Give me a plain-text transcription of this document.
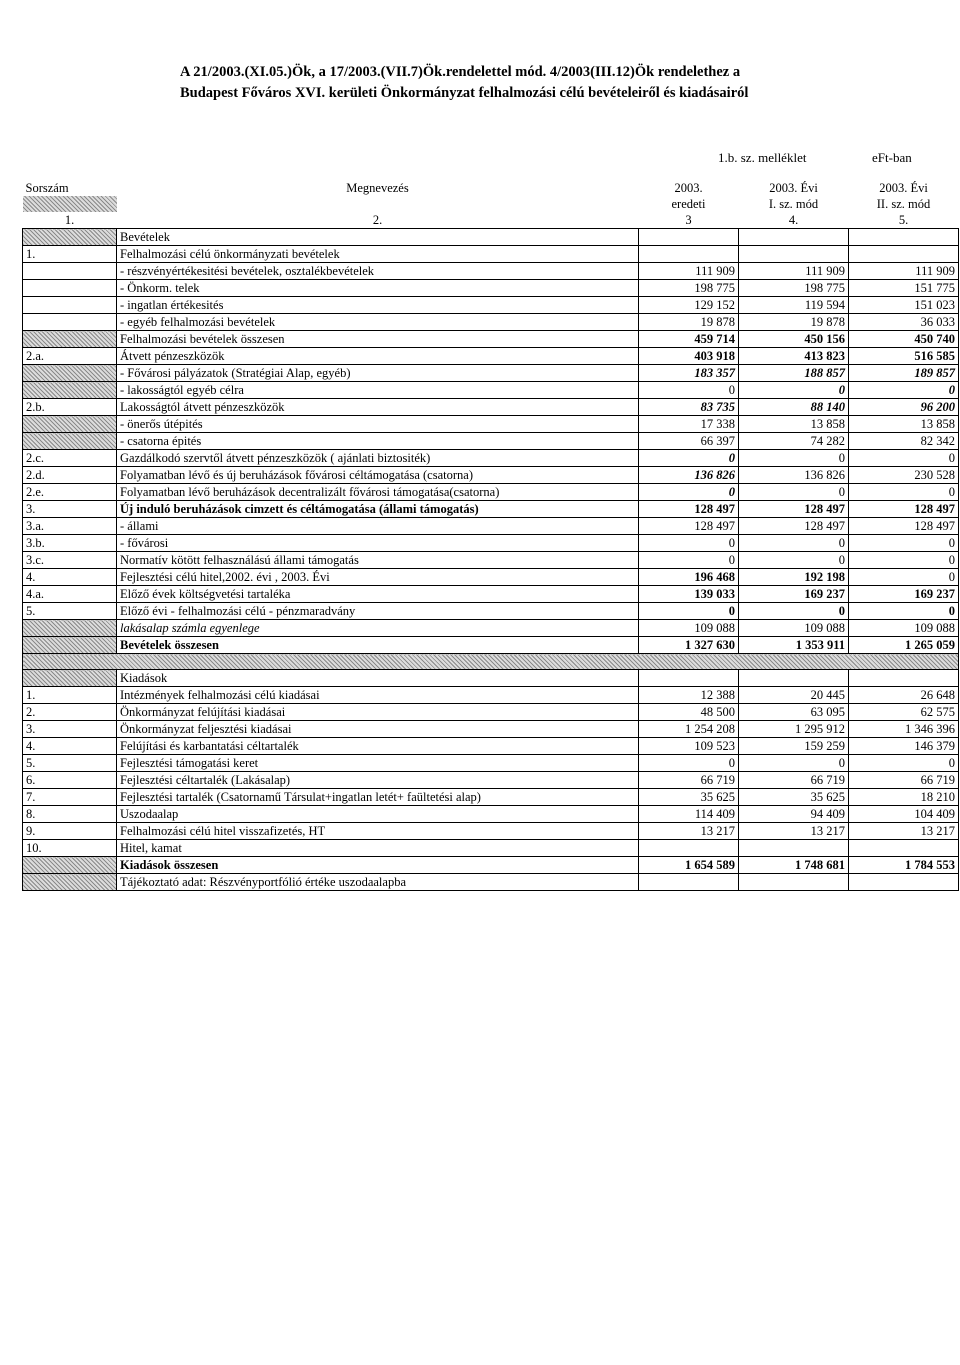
A 21/2003.(XI.05.)Ök, a 17/2003.(VII.7)Ök.rendelettel mód. 4/2003(III.12)Ök rendelethez a
Budapest Főváros XVI. kerületi Önkormányzat felhalmozási célú bevételeiről és kiadásairól
1.b. sz. melléklet	eFt-ban
Sorszám	Megnevezés	2003.	2003. Évi	2003. Évi
		eredeti	I. sz. mód	II. sz. mód
1.	2.	3	4.	5.
	Bevételek			
1.	Felhalmozási célú önkormányzati bevételek			
	- részvényértékesitési bevételek, osztalékbevételek	111 909	111 909	111 909
	- Önkorm. telek	198 775	198 775	151 775
	- ingatlan értékesités	129 152	119 594	151 023
	- egyéb felhalmozási bevételek	19 878	19 878	36 033
	Felhalmozási bevételek összesen	459 714	450 156	450 740
2.a.	Átvett pénzeszközök	403 918	413 823	516 585
	- Fővárosi pályázatok (Stratégiai Alap, egyéb)	183 357	188 857	189 857
	- lakosságtól egyéb célra	0	0	0
2.b.	Lakosságtól átvett pénzeszközök	83 735	88 140	96 200
	- önerős útépités	17 338	13 858	13 858
	- csatorna épités	66 397	74 282	82 342
2.c.	Gazdálkodó szervtől átvett pénzeszközök ( ajánlati biztositék)	0	0	0
2.d.	Folyamatban lévő és új beruházások fővárosi céltámogatása (csatorna)	136 826	136 826	230 528
2.e.	Folyamatban lévő beruházások decentralizált fővárosi támogatása(csatorna)	0	0	0
3.	Új induló beruházások cimzett és céltámogatása (állami támogatás)	128 497	128 497	128 497
3.a.	- állami	128 497	128 497	128 497
3.b.	- fővárosi	0	0	0
3.c.	Normatív kötött felhasználású állami támogatás	0	0	0
4.	Fejlesztési célú hitel,2002. évi , 2003. Évi	196 468	192 198	0
4.a.	Előző évek költségvetési tartaléka	139 033	169 237	169 237
5.	Előző évi - felhalmozási célú - pénzmaradvány	0	0	0
	lakásalap számla egyenlege	109 088	109 088	109 088
	Bevételek összesen	1 327 630	1 353 911	1 265 059

	Kiadások			
1.	Intézmények felhalmozási célú kiadásai	12 388	20 445	26 648
2.	Önkormányzat felújítási kiadásai	48 500	63 095	62 575
3.	Önkormányzat feljesztési kiadásai	1 254 208	1 295 912	1 346 396
4.	Felújítási és karbantatási céltartalék	109 523	159 259	146 379
5.	Fejlesztési támogatási keret	0	0	0
6.	Fejlesztési céltartalék (Lakásalap)	66 719	66 719	66 719
7.	Fejlesztési tartalék (Csatornamű Társulat+ingatlan letét+ faültetési alap)	35 625	35 625	18 210
8.	Uszodaalap	114 409	94 409	104 409
9.	Felhalmozási célú hitel visszafizetés, HT	13 217	13 217	13 217
10.	Hitel, kamat			
	Kiadások összesen	1 654 589	1 748 681	1 784 553
	Tájékoztató adat: Részvényportfólió értéke uszodaalapba			
